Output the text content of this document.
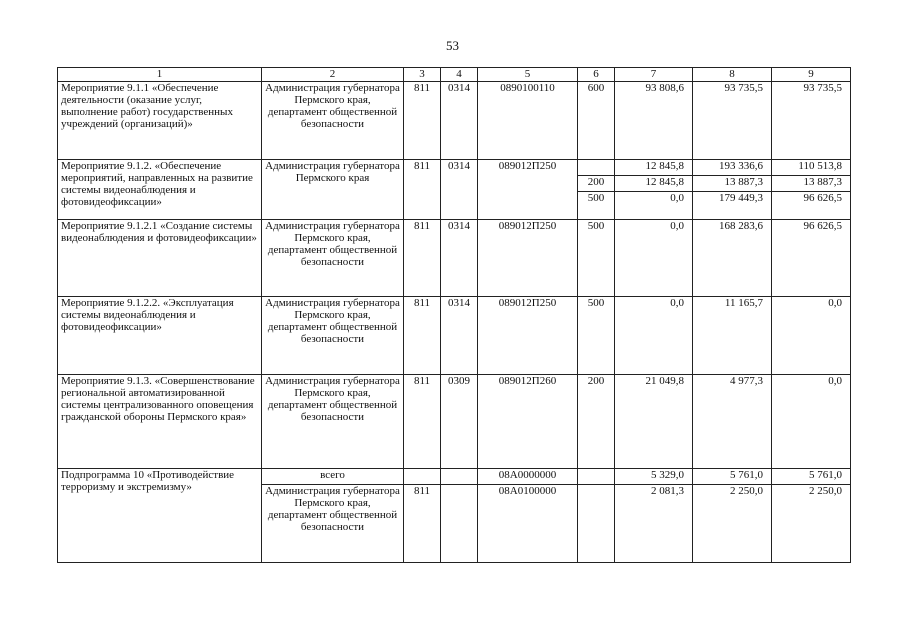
53
1	2	3	4	5	6	7	8	9
Мероприятие 9.1.1 «Обеспечение деятельности (оказание услуг, выполнение работ) государственных учреждений (организаций)»	Администрация губернатора Пермского края, департамент общественной безопасности	811	0314	0890100110	600	93 808,6	93 735,5	93 735,5
Мероприятие 9.1.2. «Обеспечение мероприятий, направленных на развитие системы видеонаблюдения и фотовидеофиксации»	Администрация губернатора Пермского края	811	0314	089012П250		12 845,8	193 336,6	110 513,8
					200	12 845,8	13 887,3	13 887,3
					500	0,0	179 449,3	96 626,5
Мероприятие 9.1.2.1 «Создание системы видеонаблюдения и фотовидеофиксации»	Администрация губернатора Пермского края, департамент общественной безопасности	811	0314	089012П250	500	0,0	168 283,6	96 626,5
Мероприятие 9.1.2.2. «Эксплуатация системы видеонаблюдения и фотовидеофиксации»	Администрация губернатора Пермского края, департамент общественной безопасности	811	0314	089012П250	500	0,0	11 165,7	0,0
Мероприятие 9.1.3. «Совершенствование региональной автоматизированной системы централизованного оповещения гражданской обороны Пермского края»	Администрация губернатора Пермского края, департамент общественной безопасности	811	0309	089012П260	200	21 049,8	4 977,3	0,0
Подпрограмма 10 «Противодействие терроризму и экстремизму»	всего			08А0000000		5 329,0	5 761,0	5 761,0
	Администрация губернатора Пермского края, департамент общественной безопасности	811		08А0100000		2 081,3	2 250,0	2 250,0
